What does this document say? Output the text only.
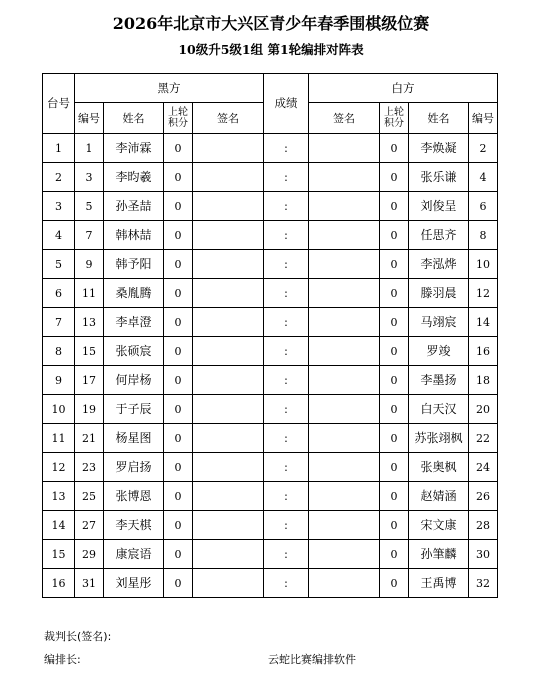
2026年北京市大兴区青少年春季围棋级位赛
10级升5级1组 第1轮编排对阵表
台号	黑方				成绩	白方			
	编号	姓名	上轮积分	签名		签名	上轮积分	姓名	编号
1	1	李沛霖	0		:		0	李焕凝	2
2	3	李昀羲	0		:		0	张乐谦	4
3	5	孙圣喆	0		:		0	刘俊呈	6
4	7	韩林喆	0		:		0	任思齐	8
5	9	韩予阳	0		:		0	李泓烨	10
6	11	桑胤腾	0		:		0	滕羽晨	12
7	13	李卓澄	0		:		0	马翊宸	14
8	15	张硕宸	0		:		0	罗竣	16
9	17	何岸杨	0		:		0	李墨扬	18
10	19	于子辰	0		:		0	白天汉	20
11	21	杨星图	0		:		0	苏张翊枫	22
12	23	罗启扬	0		:		0	张奥枫	24
13	25	张博恩	0		:		0	赵婧涵	26
14	27	李天棋	0		:		0	宋文康	28
15	29	康宸语	0		:		0	孙筆麟	30
16	31	刘星彤	0		:		0	王禹博	32
裁判长(签名):
编排长:	云蛇比赛编排软件
